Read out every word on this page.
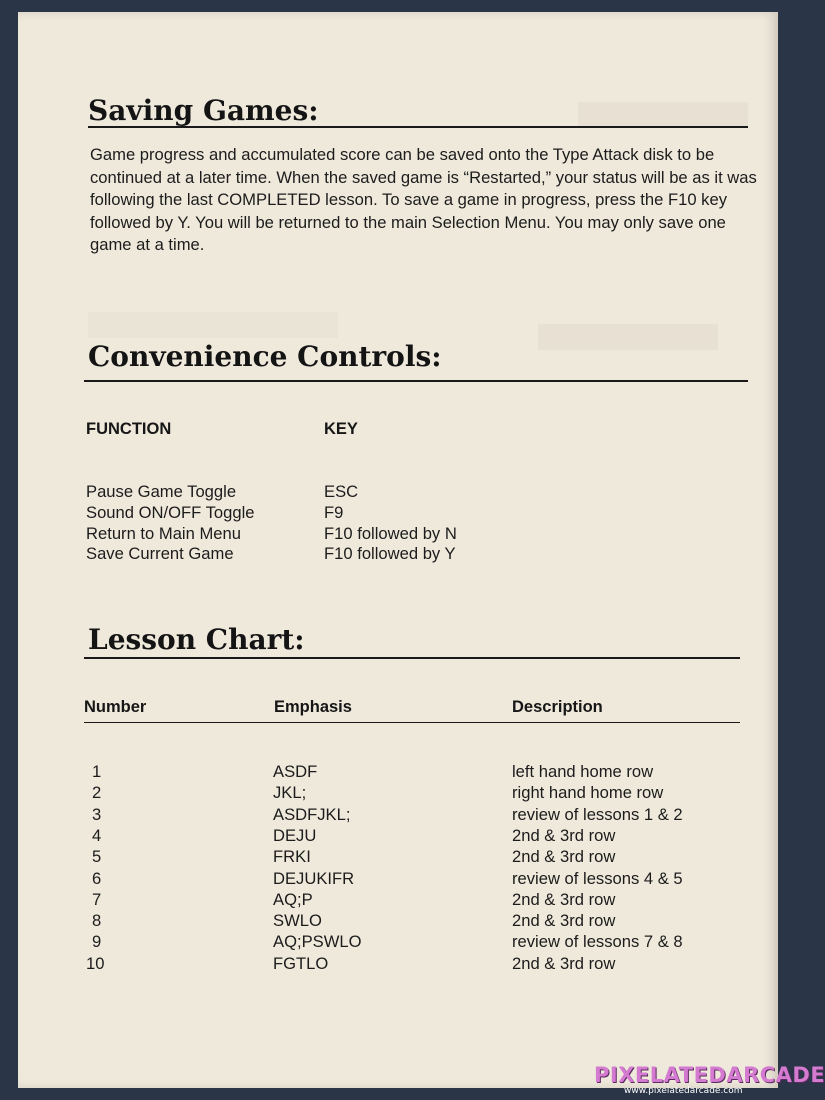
Saving Games:

Game progress and accumulated score can be saved onto the Type Attack disk to be continued at a later time. When the saved game is “Restarted,” your status will be as it was following the last COMPLETED lesson. To save a game in progress, press the F10 key followed by Y. You will be returned to the main Selection Menu. You may only save one game at a time.

Convenience Controls:
FUNCTION	KEY
Pause Game Toggle	ESC
Sound ON/OFF Toggle	F9
Return to Main Menu	F10 followed by N
Save Current Game	F10 followed by Y
Lesson Chart:
Number	Emphasis	Description
1	ASDF	left hand home row
2	JKL;	right hand home row
3	ASDFJKL;	review of lessons 1 & 2
4	DEJU	2nd & 3rd row
5	FRKI	2nd & 3rd row
6	DEJUKIFR	review of lessons 4 & 5
7	AQ;P	2nd & 3rd row
8	SWLO	2nd & 3rd row
9	AQ;PSWLO	review of lessons 7 & 8
10	FGTLO	2nd & 3rd row
PIXELATEDARCADE
www.pixelatedarcade.com
